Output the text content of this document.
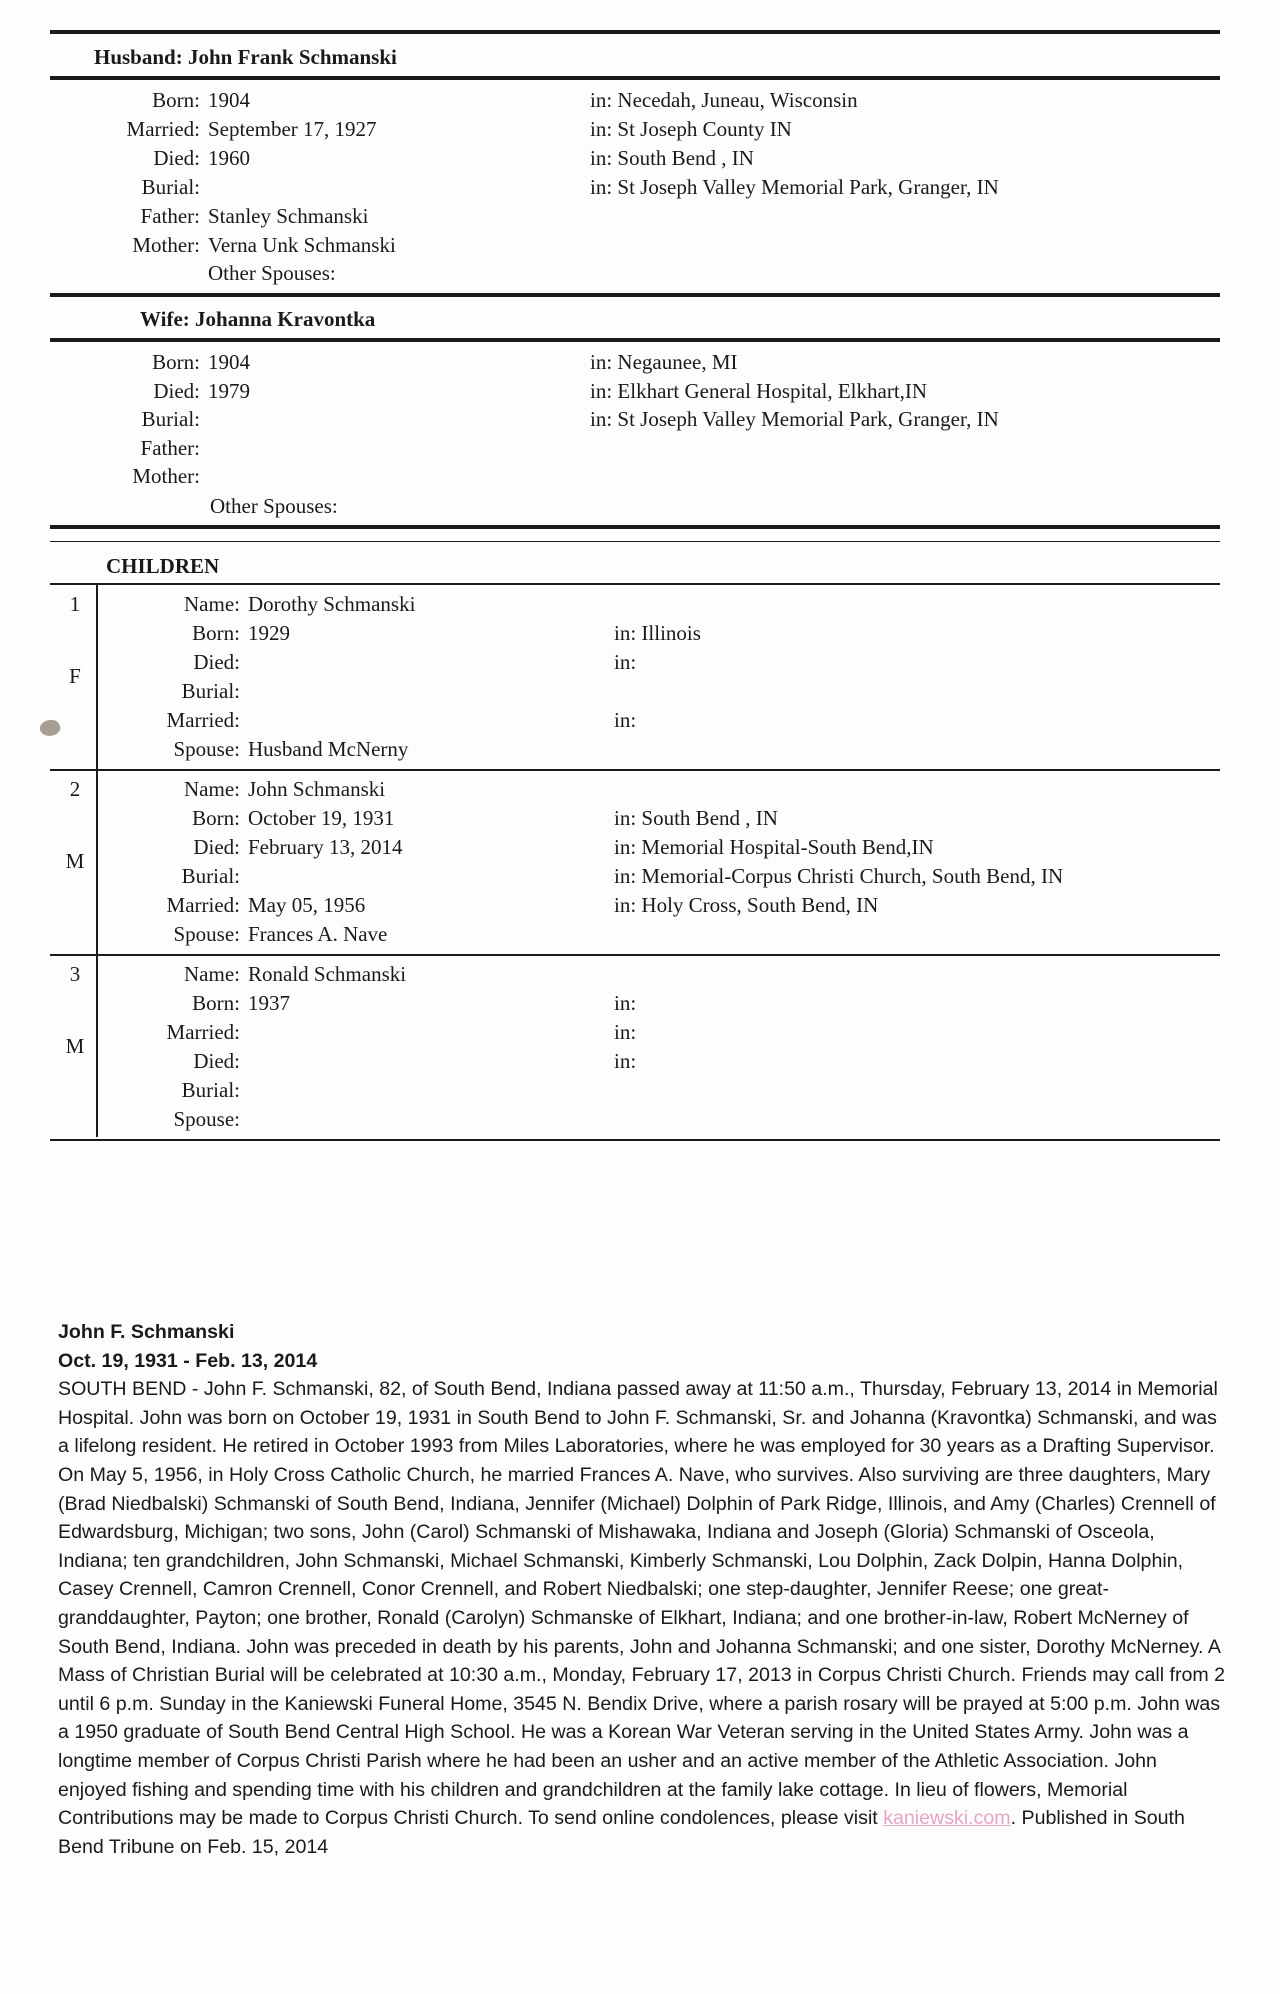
Husband: John Frank Schmanski
Born: 1904	in: Necedah, Juneau, Wisconsin
Married: September 17, 1927	in: St Joseph County IN
Died: 1960	in: South Bend , IN
Burial:	in: St Joseph Valley Memorial Park, Granger, IN
Father: Stanley Schmanski
Mother: Verna Unk Schmanski
Other Spouses:
Wife: Johanna Kravontka
Born: 1904	in: Negaunee, MI
Died: 1979	in: Elkhart General Hospital, Elkhart,IN
Burial:	in: St Joseph Valley Memorial Park, Granger, IN
Father:
Mother:
Other Spouses:
CHILDREN
1
F
Name: Dorothy Schmanski
Born: 1929	in: Illinois
Died:	in:
Burial:
Married:	in:
Spouse: Husband McNerny
2
M
Name: John Schmanski
Born: October 19, 1931	in: South Bend , IN
Died: February 13, 2014	in: Memorial Hospital-South Bend,IN
Burial:	in: Memorial-Corpus Christi Church, South Bend, IN
Married: May 05, 1956	in: Holy Cross, South Bend, IN
Spouse: Frances A. Nave
3
M
Name: Ronald Schmanski
Born: 1937	in:
Married:	in:
Died:	in:
Burial:
Spouse:
John F. Schmanski
Oct. 19, 1931 - Feb. 13, 2014
SOUTH BEND - John F. Schmanski, 82, of South Bend, Indiana passed away at 11:50 a.m., Thursday, February 13, 2014 in Memorial Hospital. John was born on October 19, 1931 in South Bend to John F. Schmanski, Sr. and Johanna (Kravontka) Schmanski, and was a lifelong resident. He retired in October 1993 from Miles Laboratories, where he was employed for 30 years as a Drafting Supervisor. On May 5, 1956, in Holy Cross Catholic Church, he married Frances A. Nave, who survives. Also surviving are three daughters, Mary (Brad Niedbalski) Schmanski of South Bend, Indiana, Jennifer (Michael) Dolphin of Park Ridge, Illinois, and Amy (Charles) Crennell of Edwardsburg, Michigan; two sons, John (Carol) Schmanski of Mishawaka, Indiana and Joseph (Gloria) Schmanski of Osceola, Indiana; ten grandchildren, John Schmanski, Michael Schmanski, Kimberly Schmanski, Lou Dolphin, Zack Dolpin, Hanna Dolphin, Casey Crennell, Camron Crennell, Conor Crennell, and Robert Niedbalski; one step-daughter, Jennifer Reese; one great-granddaughter, Payton; one brother, Ronald (Carolyn) Schmanske of Elkhart, Indiana; and one brother-in-law, Robert McNerney of South Bend, Indiana. John was preceded in death by his parents, John and Johanna Schmanski; and one sister, Dorothy McNerney. A Mass of Christian Burial will be celebrated at 10:30 a.m., Monday, February 17, 2013 in Corpus Christi Church. Friends may call from 2 until 6 p.m. Sunday in the Kaniewski Funeral Home, 3545 N. Bendix Drive, where a parish rosary will be prayed at 5:00 p.m. John was a 1950 graduate of South Bend Central High School. He was a Korean War Veteran serving in the United States Army. John was a longtime member of Corpus Christi Parish where he had been an usher and an active member of the Athletic Association. John enjoyed fishing and spending time with his children and grandchildren at the family lake cottage. In lieu of flowers, Memorial Contributions may be made to Corpus Christi Church. To send online condolences, please visit kaniewski.com. Published in South Bend Tribune on Feb. 15, 2014
